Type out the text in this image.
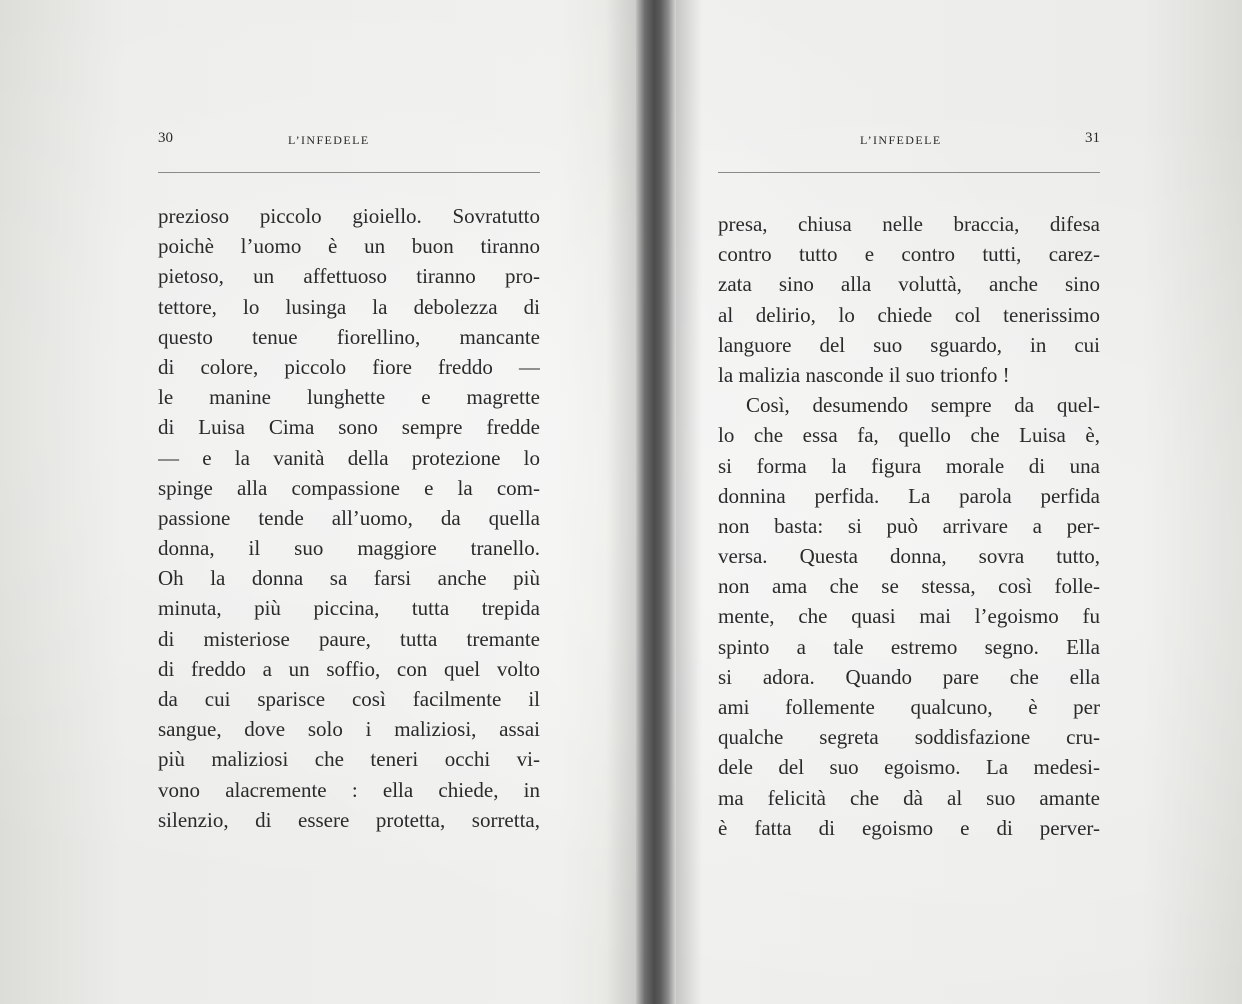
30	L’INFEDELE
prezioso piccolo gioiello. Sovratutto
poichè l’uomo è un buon tiranno
pietoso, un affettuoso tiranno pro-
tettore, lo lusinga la debolezza di
questo tenue fiorellino, mancante
di colore, piccolo fiore freddo —
le manine lunghette e magrette
di Luisa Cima sono sempre fredde
— e la vanità della protezione lo
spinge alla compassione e la com-
passione tende all’uomo, da quella
donna, il suo maggiore tranello.
Oh la donna sa farsi anche più
minuta, più piccina, tutta trepida
di misteriose paure, tutta tremante
di freddo a un soffio, con quel volto
da cui sparisce così facilmente il
sangue, dove solo i maliziosi, assai
più maliziosi che teneri occhi vi-
vono alacremente : ella chiede, in
silenzio, di essere protetta, sorretta,
L’INFEDELE	31
presa, chiusa nelle braccia, difesa
contro tutto e contro tutti, carez-
zata sino alla voluttà, anche sino
al delirio, lo chiede col tenerissimo
languore del suo sguardo, in cui
la malizia nasconde il suo trionfo !
Così, desumendo sempre da quel-
lo che essa fa, quello che Luisa è,
si forma la figura morale di una
donnina perfida. La parola perfida
non basta: si può arrivare a per-
versa. Questa donna, sovra tutto,
non ama che se stessa, così folle-
mente, che quasi mai l’egoismo fu
spinto a tale estremo segno. Ella
si adora. Quando pare che ella
ami follemente qualcuno, è per
qualche segreta soddisfazione cru-
dele del suo egoismo. La medesi-
ma felicità che dà al suo amante
è fatta di egoismo e di perver-
